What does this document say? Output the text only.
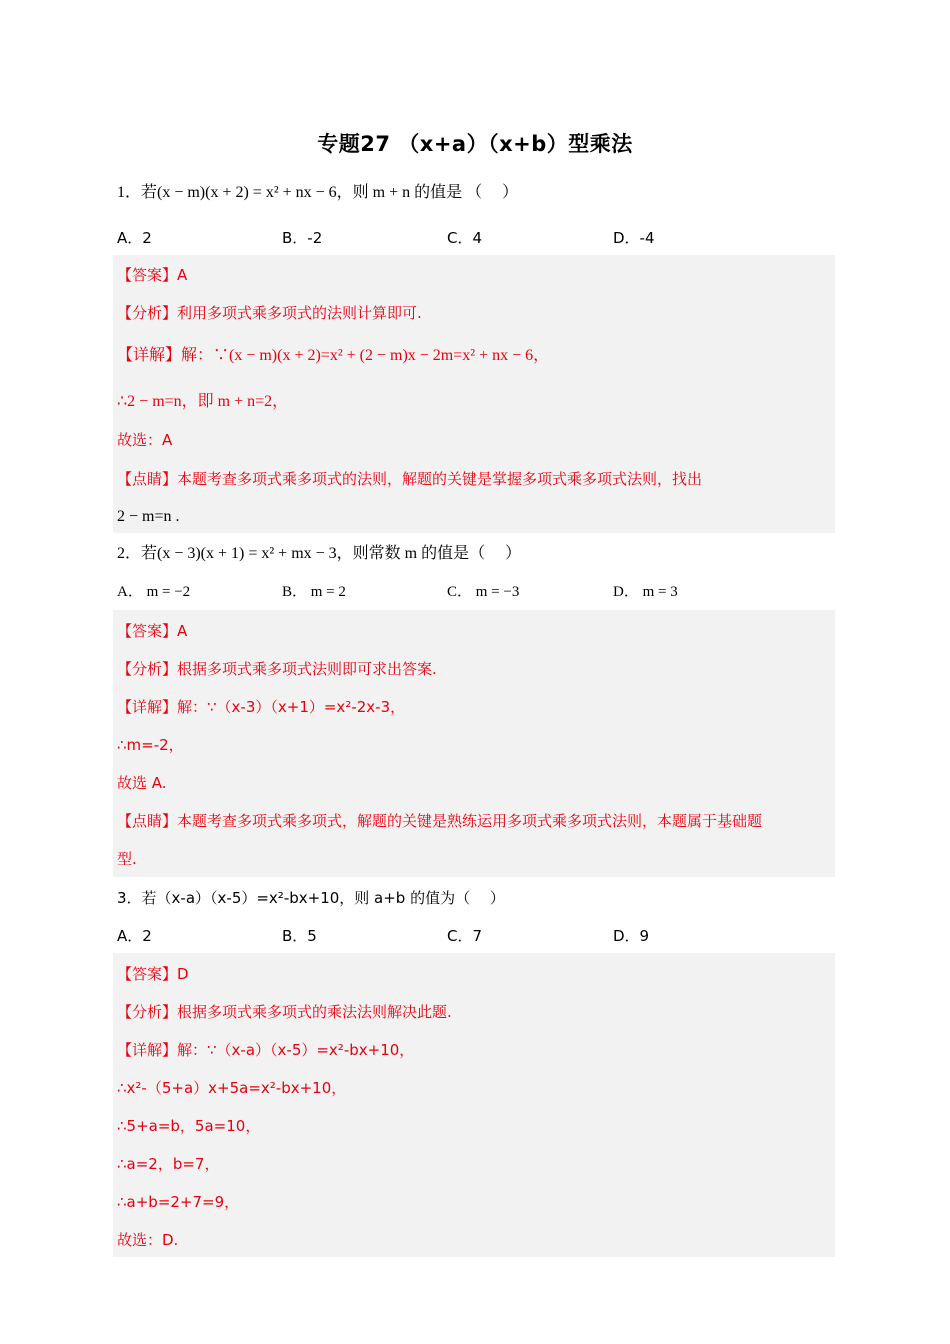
专题27 （x+a）（x+b）型乘法
1．若(x − m)(x + 2) = x² + nx − 6，则 m + n 的值是 （　 ）
A．2	B．-2	C．4	D．-4
【答案】A
【分析】利用多项式乘多项式的法则计算即可.
【详解】解：∵(x − m)(x + 2)=x² + (2 − m)x − 2m=x² + nx − 6，
∴2 − m=n，即 m + n=2，
故选：A
【点睛】本题考查多项式乘多项式的法则，解题的关键是掌握多项式乘多项式法则，找出
2 − m=n .
2．若(x − 3)(x + 1) = x² + mx − 3，则常数 m 的值是（　 ）
A． m = −2	B． m = 2	C． m = −3	D． m = 3
【答案】A
【分析】根据多项式乘多项式法则即可求出答案.
【详解】解：∵（x-3）（x+1）=x²-2x-3，
∴m=-2，
故选 A.
【点睛】本题考查多项式乘多项式，解题的关键是熟练运用多项式乘多项式法则，本题属于基础题
型.
3．若（x-a）（x-5）=x²-bx+10，则 a+b 的值为（　 ）
A．2	B．5	C．7	D．9
【答案】D
【分析】根据多项式乘多项式的乘法法则解决此题.
【详解】解：∵（x-a）（x-5）=x²-bx+10，
∴x²-（5+a）x+5a=x²-bx+10，
∴5+a=b，5a=10，
∴a=2，b=7，
∴a+b=2+7=9，
故选：D.
